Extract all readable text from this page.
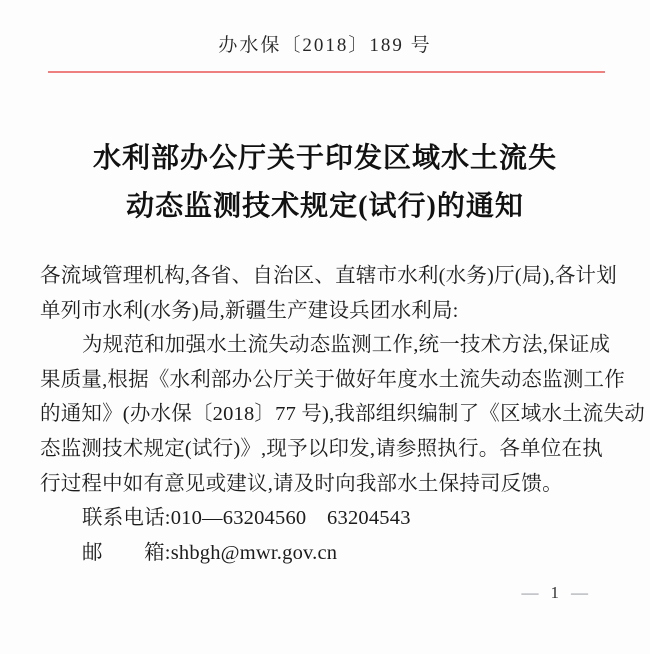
办水保〔2018〕189 号
水利部办公厅关于印发区域水土流失
动态监测技术规定(试行)的通知
各流域管理机构,各省、自治区、直辖市水利(水务)厅(局),各计划
单列市水利(水务)局,新疆生产建设兵团水利局:
为规范和加强水土流失动态监测工作,统一技术方法,保证成
果质量,根据《水利部办公厅关于做好年度水土流失动态监测工作
的通知》(办水保〔2018〕77 号),我部组织编制了《区域水土流失动
态监测技术规定(试行)》,现予以印发,请参照执行。各单位在执
行过程中如有意见或建议,请及时向我部水土保持司反馈。
联系电话:010—63204560　63204543
邮　　箱:shbgh@mwr.gov.cn
— 1 —
